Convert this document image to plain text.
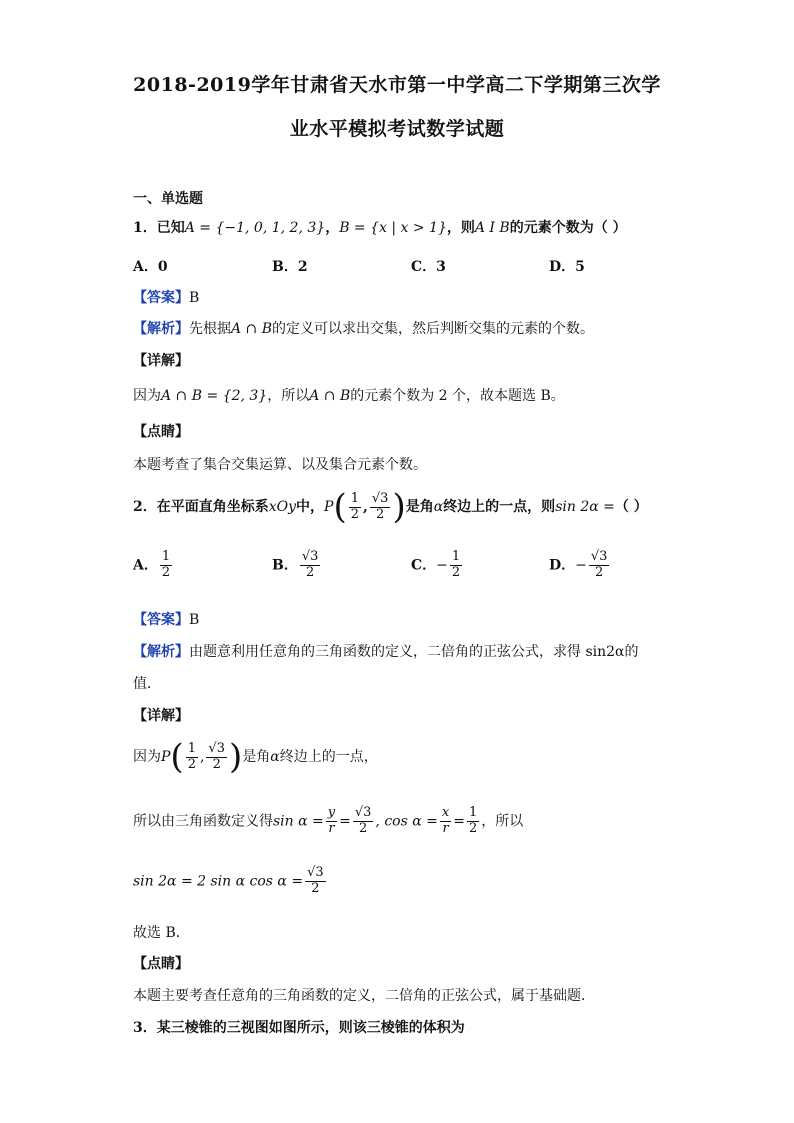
2018-2019学年甘肃省天水市第一中学高二下学期第三次学
业水平模拟考试数学试题
一、单选题
1．已知A = {−1, 0, 1, 2, 3}，B = {x | x > 1}，则A I B的元素个数为（ ）
A．0	B．2	C．3	D．5
【答案】B
【解析】先根据A ∩ B的定义可以求出交集，然后判断交集的元素的个数。
【详解】
因为A ∩ B = {2, 3}，所以A ∩ B的元素个数为 2 个，故本题选 B。
【点睛】
本题考查了集合交集运算、以及集合元素个数。
2．在平面直角坐标系xOy中，$P( \frac{1}{2}$ , $\frac{√3}{2}$ )是角α终边上的一点，则sin 2α =（ ）
A． $\frac{1}{2}$	B． $\frac{√3}{2}$	C．− $\frac{1}{2}$	D．− $\frac{√3}{2}$
【答案】B
【解析】由题意利用任意角的三角函数的定义，二倍角的正弦公式，求得 sin2α的
值．
【详解】
因为$P( \frac{1}{2}$ , $\frac{√3}{2}$ )是角α终边上的一点，
所以由三角函数定义得$\sin \alpha = \frac{y}{r} = \frac{√3}{2}$ , $\cos \alpha = \frac{x}{r} = \frac{1}{2}$ ，所以
sin 2α = 2 sin α $\cos \alpha = \frac{√3}{2}$
故选 B．
【点睛】
本题主要考查任意角的三角函数的定义，二倍角的正弦公式，属于基础题．
3．某三棱锥的三视图如图所示，则该三棱锥的体积为
